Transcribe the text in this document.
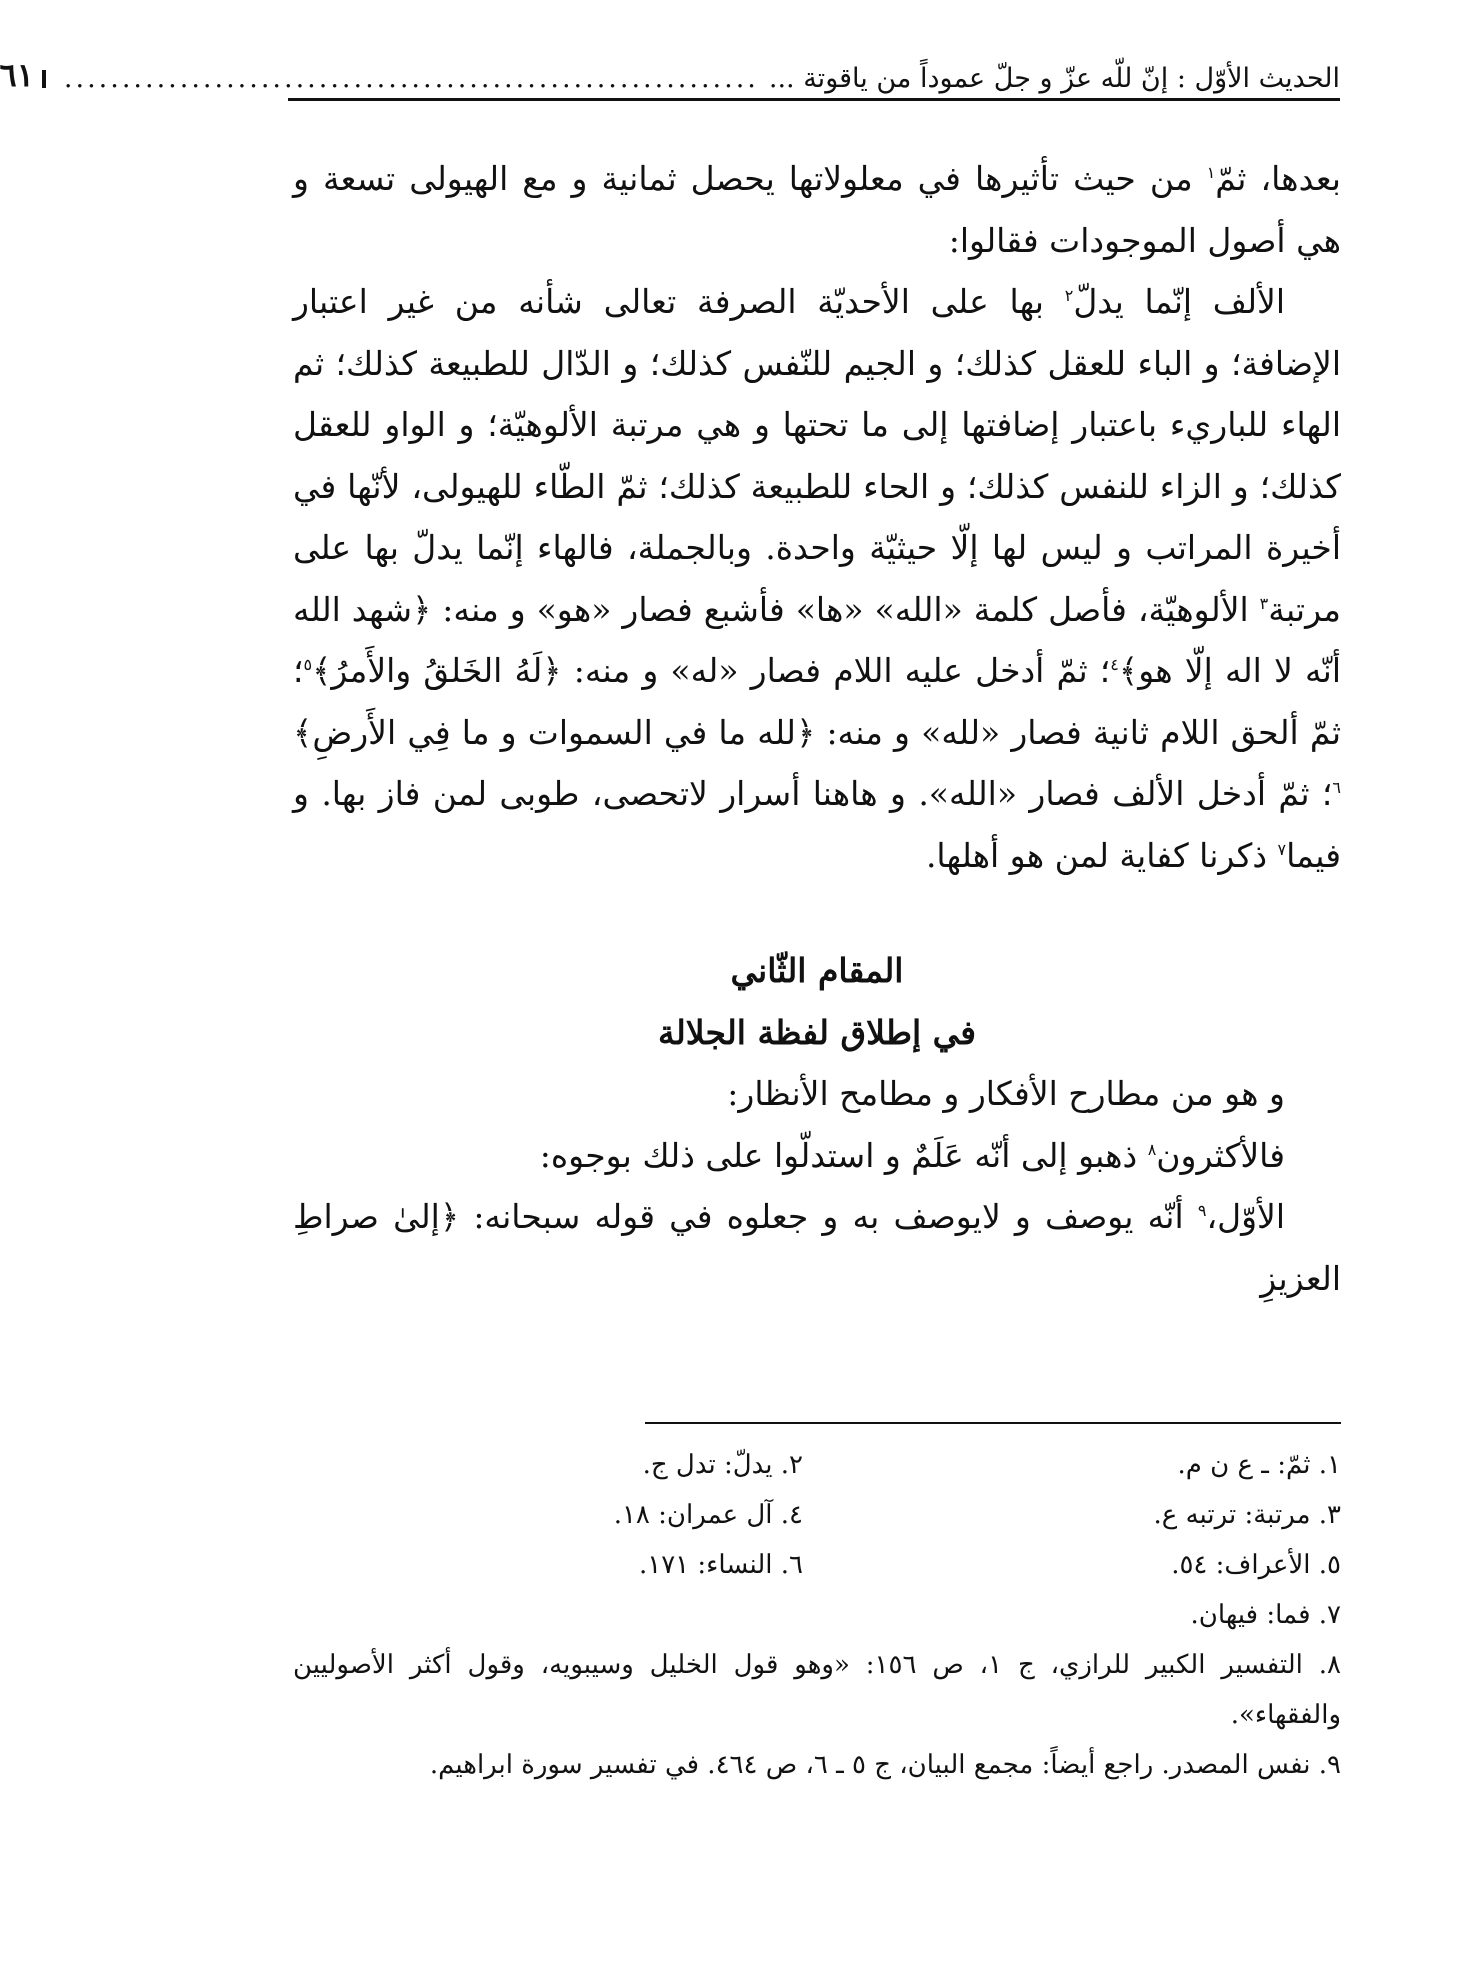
الحديث الأوّل : إنّ للّه عزّ و جلّ عموداً من ياقوتة ...
............................................................
٦١

بعدها، ثمّ$^١$ من حيث تأثيرها في معلولاتها يحصل ثمانية و مع الهيولى تسعة و هي أصول الموجودات فقالوا:

الألف إنّما يدلّ$^٢$ بها على الأحديّة الصرفة تعالى شأنه من غير اعتبار الإضافة؛ و الباء للعقل كذلك؛ و الجيم للنّفس كذلك؛ و الدّال للطبيعة كذلك؛ ثم الهاء للباريء باعتبار إضافتها إلى ما تحتها و هي مرتبة الألوهيّة؛ و الواو للعقل كذلك؛ و الزاء للنفس كذلك؛ و الحاء للطبيعة كذلك؛ ثمّ الطّاء للهيولى، لأنّها في أخيرة المراتب و ليس لها إلّا حيثيّة واحدة. وبالجملة، فالهاء إنّما يدلّ بها على مرتبة$^٣$ الألوهيّة، فأصل كلمة «الله» «ها» فأشبع فصار «هو» و منه: ﴿شهد الله أنّه لا اله إلّا هو﴾$^٤$؛ ثمّ أدخل عليه اللام فصار «له» و منه: ﴿لَهُ الخَلقُ والأَمرُ﴾$^٥$؛ ثمّ ألحق اللام ثانية فصار «لله» و منه: ﴿لله ما في السموات و ما فِي الأَرضِ﴾$^٦$؛ ثمّ أدخل الألف فصار «الله». و هاهنا أسرار لاتحصى، طوبى لمن فاز بها. و فيما$^٧$ ذكرنا كفاية لمن هو أهلها.

المقام الثّاني

في إطلاق لفظة الجلالة

و هو من مطارح الأفكار و مطامح الأنظار:

فالأكثرون$^٨$ ذهبو إلى أنّه عَلَمٌ و استدلّوا على ذلك بوجوه:

الأوّل،$^٩$ أنّه يوصف و لايوصف به و جعلوه في قوله سبحانه: ﴿إلىٰ صراطِ العزيزِ

١. ثمّ: ـ ع ن م.
٢. يدلّ: تدل ج.
٣. مرتبة: ترتبه ع.
٤. آل عمران: ١٨.
٥. الأعراف: ٥٤.
٦. النساء: ١٧١.

٧. فما: فيهان.

٨. التفسير الكبير للرازي، ج ١، ص ١٥٦: «وهو قول الخليل وسيبويه، وقول أكثر الأصوليين والفقهاء».

٩. نفس المصدر. راجع أيضاً: مجمع البيان، ج ٥ ـ ٦، ص ٤٦٤. في تفسير سورة ابراهيم.
